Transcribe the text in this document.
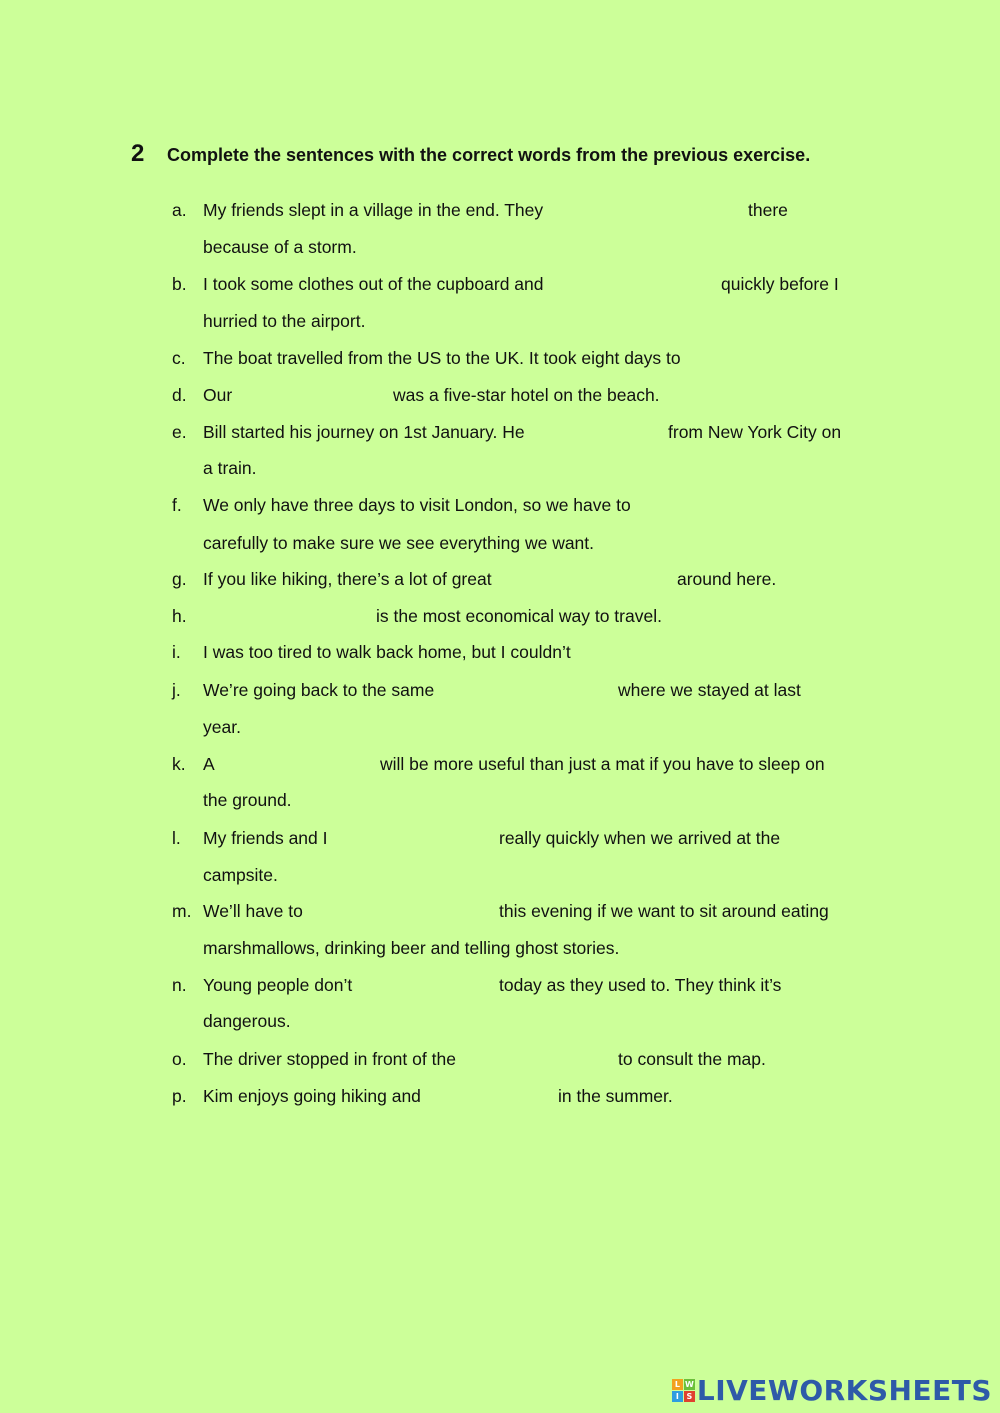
2	Complete the sentences with the correct words from the previous exercise.
a. My friends slept in a village in the end. They	there
because of a storm.
b. I took some clothes out of the cupboard and	quickly before I
hurried to the airport.
c. The boat travelled from the US to the UK. It took eight days to
d. Our	was a five-star hotel on the beach.
e. Bill started his journey on 1st January. He	from New York City on
a train.
f. We only have three days to visit London, so we have to
carefully to make sure we see everything we want.
g. If you like hiking, there’s a lot of great	around here.
h.	is the most economical way to travel.
i. I was too tired to walk back home, but I couldn’t
j. We’re going back to the same	where we stayed at last
year.
k. A	will be more useful than just a mat if you have to sleep on
the ground.
l. My friends and I	really quickly when we arrived at the
campsite.
m. We’ll have to	this evening if we want to sit around eating
marshmallows, drinking beer and telling ghost stories.
n. Young people don’t	today as they used to. They think it’s
dangerous.
o. The driver stopped in front of the	to consult the map.
p. Kim enjoys going hiking and	in the summer.
L W
I S LIVEWORKSHEETS
